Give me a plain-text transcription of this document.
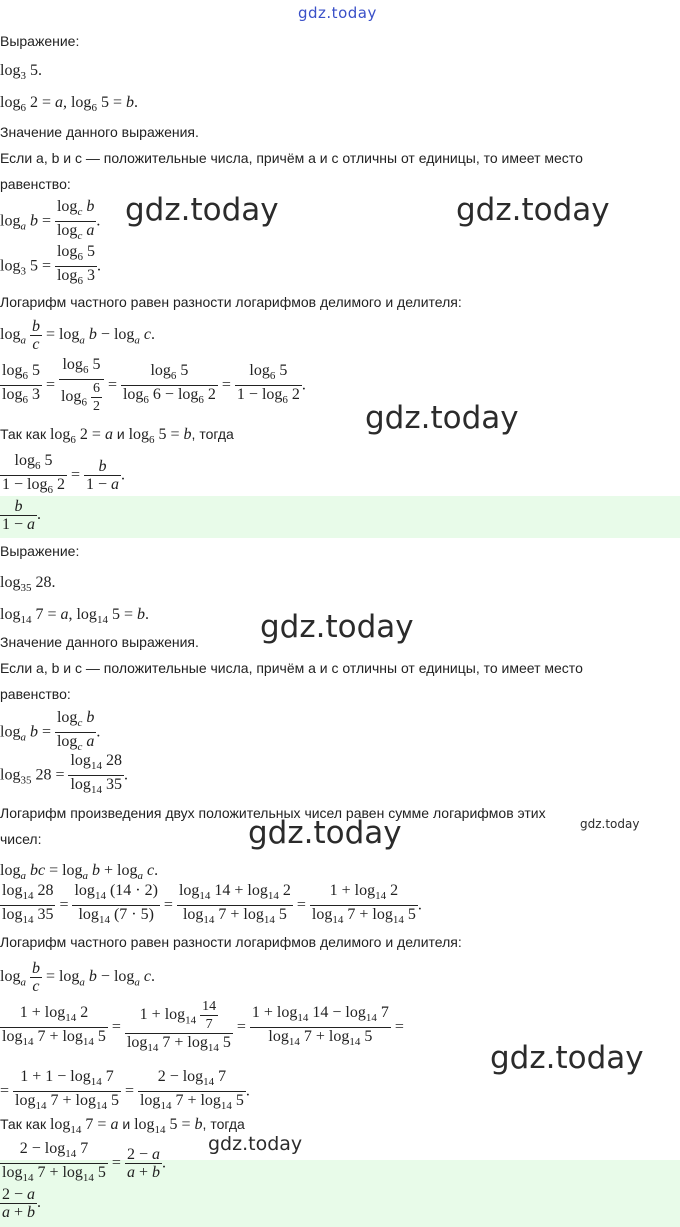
gdz.today
gdz.today	gdz.today
gdz.today
gdz.today
gdz.today	gdz.today
gdz.today
gdz.today
Выражение:
$\log_3 5$.
$\log_6 2 = a$, $\log_6 5 = b$.
Значение данного выражения.
Если a, b и c — положительные числа, причём a и c отличны от единицы, то имеет место
равенство:
$\log_a b = \frac{\log_c b}{\log_c a}$ .
$\log_3 5 = \frac{\log_6 5}{\log_6 3}$ .
Логарифм частного равен разности логарифмов делимого и делителя:
$\log_a \frac{b}{c} = \log_a b - \log_a c$.
$\frac{\log_6 5}{\log_6 3} = \frac{\log_6 5}{\log_6 \frac{6}{2}} = \frac{\log_6 5}{\log_6 6 - \log_6 2} = \frac{\log_6 5}{1 - \log_6 2}$ .
Так как $\log_6 2 = a$ и $\log_6 5 = b$, тогда
$\frac{\log_6 5}{1 - \log_6 2} = \frac{b}{1 - a}$ .
$\frac{b}{1 - a}$ .
Выражение:
$\log_{35} 28$.
$\log_{14} 7 = a$, $\log_{14} 5 = b$.
Значение данного выражения.
Если a, b и c — положительные числа, причём a и c отличны от единицы, то имеет место
равенство:
$\log_a b = \frac{\log_c b}{\log_c a}$ .
$\log_{35} 28 = \frac{\log_{14} 28}{\log_{14} 35}$ .
Логарифм произведения двух положительных чисел равен сумме логарифмов этих
чисел:
$\log_a$ bc = $\log_a b + \log_a c$.
$\frac{\log_{14} 28}{\log_{14} 35} = \frac{\log_{14} (14 \cdot 2)}{\log_{14} (7 \cdot 5)} = \frac{\log_{14} 14 + \log_{14} 2}{\log_{14} 7 + \log_{14} 5} = \frac{1 + \log_{14} 2}{\log_{14} 7 + \log_{14} 5}$ .
Логарифм частного равен разности логарифмов делимого и делителя:
$\log_a \frac{b}{c} = \log_a b - \log_a c$.
$\frac{1 + \log_{14} 2}{\log_{14} 7 + \log_{14} 5} = \frac{1 + \log_{14} \frac{14}{7}}{\log_{14} 7 + \log_{14} 5} = \frac{1 + \log_{14} 14 - \log_{14} 7}{\log_{14} 7 + \log_{14} 5}$ =
= $\frac{1 + 1 - \log_{14} 7}{\log_{14} 7 + \log_{14} 5} = \frac{2 - \log_{14} 7}{\log_{14} 7 + \log_{14} 5}$ .
Так как $\log_{14} 7 = a$ и $\log_{14} 5 = b$, тогда
$\frac{2 - \log_{14} 7}{\log_{14} 7 + \log_{14} 5} = \frac{2 - a}{a + b}$ .
$\frac{2 - a}{a + b}$ .
